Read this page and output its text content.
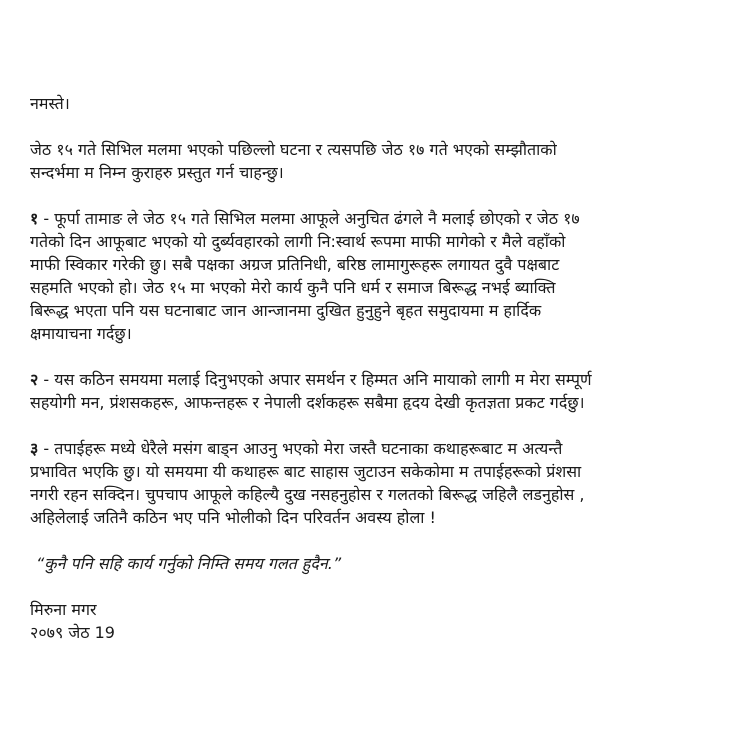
नमस्ते।

जेठ १५ गते सिभिल मलमा भएको पछिल्लो घटना र त्यसपछि जेठ १७ गते भएको सम्झौताको
सन्दर्भमा म निम्न कुराहरु प्रस्तुत गर्न चाहन्छु।

१ - फूर्पा तामाङ ले जेठ १५ गते सिभिल मलमा आफूले अनुचित ढंगले नै मलाई छोएको र जेठ १७
गतेको दिन आफूबाट भएको यो दुर्ब्यवहारको लागी नि:स्वार्थ रूपमा माफी मागेको र मैले वहाँको
माफी स्विकार गरेकी छु। सबै पक्षका अग्रज प्रतिनिधी, बरिष्ठ लामागुरूहरू लगायत दुवै पक्षबाट
सहमति भएको हो। जेठ १५ मा भएको मेरो कार्य कुनै पनि धर्म र समाज बिरूद्ध नभई ब्याक्ति
बिरूद्ध भएता पनि यस घटनाबाट जान आन्जानमा दुखित हुनुहुने बृहत समुदायमा म हार्दिक
क्षमायाचना गर्दछु।

२ - यस कठिन समयमा मलाई दिनुभएको अपार समर्थन र हिम्मत अनि मायाको लागी म मेरा सम्पूर्ण
सहयोगी मन, प्रंशसकहरू, आफन्तहरू र नेपाली दर्शकहरू सबैमा हृदय देखी कृतज्ञता प्रकट गर्दछु।

३ - तपाईहरू मध्ये धेरैले मसंग बाड्न आउनु भएको मेरा जस्तै घटनाका कथाहरूबाट म अत्यन्तै
प्रभावित भएकि छु। यो समयमा यी कथाहरू बाट साहास जुटाउन सकेकोमा म तपाईहरूको प्रंशसा
नगरी रहन सक्दिन। चुपचाप आफूले कहिल्यै दुख नसहनुहोस र गलतको बिरूद्ध जहिलै लडनुहोस ,
अहिलेलाई जतिनै कठिन भए पनि भोलीको दिन परिवर्तन अवस्य होला !

“कुनै पनि सहि कार्य गर्नुको निम्ति समय गलत हुदैन.”

मिरुना मगर
२०७९ जेठ 19
